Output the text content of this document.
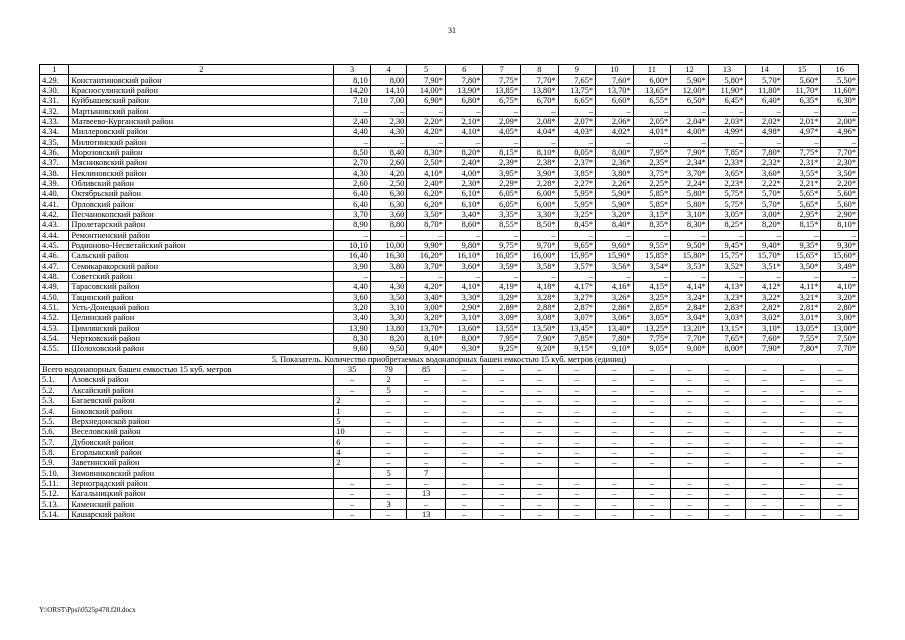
31
1	2	3	4	5	6	7	8	9	10	11	12	13	14	15	16
4.29.	Константиновский район	8,10	8,00	7,90*	7,80*	7,75*	7,70*	7,65*	7,60*	6,00*	5,90*	5,80*	5,70*	5,60*	5,50*
4.30.	Красносулинский район	14,20	14,10	14,00*	13,90*	13,85*	13,80*	13,75*	13,70*	13,65*	12,00*	11,90*	11,80*	11,70*	11,60*
4.31.	Куйбышевский район	7,10	7,00	6,90*	6,80*	6,75*	6,70*	6,65*	6,60*	6,55*	6,50*	6,45*	6,40*	6,35*	6,30*
4.32.	Мартыновский район	–	–	–	–	–	–	–	–	–	–	–	–	–	–
4.33.	Матвеево-Курганский район	2,40	2,30	2,20*	2,10*	2,09*	2,08*	2,07*	2,06*	2,05*	2,04*	2,03*	2,02*	2,01*	2,00*
4.34.	Миллеровский район	4,40	4,30	4,20*	4,10*	4,05*	4,04*	4,03*	4,02*	4,01*	4,00*	4,99*	4,98*	4,97*	4,96*
4.35.	Милютинский район	–	–	–	–	–	–	–	–	–	–	–	–	–	–
4.36.	Морозовский район	8,50	8,40	8,30*	8,20*	8,15*	8,10*	8,05*	8,00*	7,95*	7,90*	7,85*	7,80*	7,75*	7,70*
4.37.	Мясниковский район	2,70	2,60	2,50*	2,40*	2,39*	2,38*	2,37*	2,36*	2,35*	2,34*	2,33*	2,32*	2,31*	2,30*
4.38.	Неклиновский район	4,30	4,20	4,10*	4,00*	3,95*	3,90*	3,85*	3,80*	3,75*	3,70*	3,65*	3,60*	3,55*	3,50*
4.39.	Обливский район	2,60	2,50	2,40*	2,30*	2,29*	2,28*	2,27*	2,26*	2,25*	2,24*	2,23*	2,22*	2,21*	2,20*
4.40.	Октябрьский район	6,40	6,30	6,20*	6,10*	6,05*	6,00*	5,95*	5,90*	5,85*	5,80*	5,75*	5,70*	5,65*	5,60*
4.41.	Орловский район	6,40	6,30	6,20*	6,10*	6,05*	6,00*	5,95*	5,90*	5,85*	5,80*	5,75*	5,70*	5,65*	5,60*
4.42.	Песчанокопский район	3,70	3,60	3,50*	3,40*	3,35*	3,30*	3,25*	3,20*	3,15*	3,10*	3,05*	3,00*	2,95*	2,90*
4.43.	Пролетарский район	8,90	8,80	8,70*	8,60*	8,55*	8,50*	8,45*	8,40*	8,35*	8,30*	8,25*	8,20*	8,15*	8,10*
4.44.	Ремонтненский район	–	–	–	–	–	–	–	–	–	–	–	–	–	–
4.45.	Родионово-Несветайский район	10,10	10,00	9,90*	9,80*	9,75*	9,70*	9,65*	9,60*	9,55*	9,50*	9,45*	9,40*	9,35*	9,30*
4.46.	Сальский район	16,40	16,30	16,20*	16,10*	16,05*	16,00*	15,95*	15,90*	15,85*	15,80*	15,75*	15,70*	15,65*	15,60*
4.47.	Семикаракорский район	3,90	3,80	3,70*	3,60*	3,59*	3,58*	3,57*	3,56*	3,54*	3,53*	3,52*	3,51*	3,50*	3,49*
4.48.	Советский район	–	–	–	–	–	–	–	–	–	–	–	–	–	–
4.49.	Тарасовский район	4,40	4,30	4,20*	4,10*	4,19*	4,18*	4,17*	4,16*	4,15*	4,14*	4,13*	4,12*	4,11*	4,10*
4.50.	Тацинский район	3,60	3,50	3,40*	3,30*	3,29*	3,28*	3,27*	3,26*	3,25*	3,24*	3,23*	3,22*	3,21*	3,20*
4.51.	Усть-Донецкий район	3,20	3,10	3,00*	2,90*	2,89*	2,88*	2,87*	2,86*	2,85*	2,84*	2,83*	2,82*	2,81*	2,80*
4.52.	Целинский район	3,40	3,30	3,20*	3,10*	3,09*	3,08*	3,07*	3,06*	3,05*	3,04*	3,03*	3,02*	3,01*	3,00*
4.53.	Цимлянский район	13,90	13,80	13,70*	13,60*	13,55*	13,50*	13,45*	13,40*	13,25*	13,20*	13,15*	3,10*	13,05*	13,00*
4.54.	Чертковский район	8,30	8,20	8,10*	8,00*	7,95*	7,90*	7,85*	7,80*	7,75*	7,70*	7,65*	7,60*	7,55*	7,50*
4.55.	Шолоховский район	9,60	9,50	9,40*	9,30*	9,25*	9,20*	9,15*	9,10*	9,05*	9,00*	8,00*	7,90*	7,80*	7,70*
5. Показатель. Количество приобретаемых водонапорных башен емкостью 15 куб. метров (единиц)															
Всего водонапорных башен емкостью 15 куб. метров		35	79	85	–	–	–	–	–	–	–	–	–	–	–
5.1.	Азовский район	–	2	–	–	–	–	–	–	–	–	–	–	–	–
5.2.	Аксайский район	–	5	–	–	–	–	–	–	–	–	–	–	–	–
5.3.	Багаевский район	2	–	–	–	–	–	–	–	–	–	–	–	–	–
5.4.	Боковский район	1	–	–	–	–	–	–	–	–	–	–	–	–	–
5.5.	Верхнедонской район	5	–	–	–	–	–	–	–	–	–	–	–	–	–
5.6.	Веселовский район	10	–	–	–	–	–	–	–	–	–	–	–	–	–
5.7.	Дубовский район	6	–	–	–	–	–	–	–	–	–	–	–	–	–
5.8.	Егорлыкский район	4	–	–	–	–	–	–	–	–	–	–	–	–	–
5.9.	Заветинский район	2	–	–	–	–	–	–	–	–	–	–	–	–	–
5.10.	Зимовниковский район		5	7											
5.11.	Зерноградский район	–	–	–	–	–	–	–	–	–	–	–	–	–	–
5.12.	Кагальницкий район	–	–	13	–	–	–	–	–	–	–	–	–	–	–
5.13.	Каменский район	–	3	–	–	–	–	–	–	–	–	–	–	–	–
5.14.	Кашарский район	–	–	13	–	–	–	–	–	–	–	–	–	–	–
Y:\ORST\Ppsi\0525p478.f20.docx
